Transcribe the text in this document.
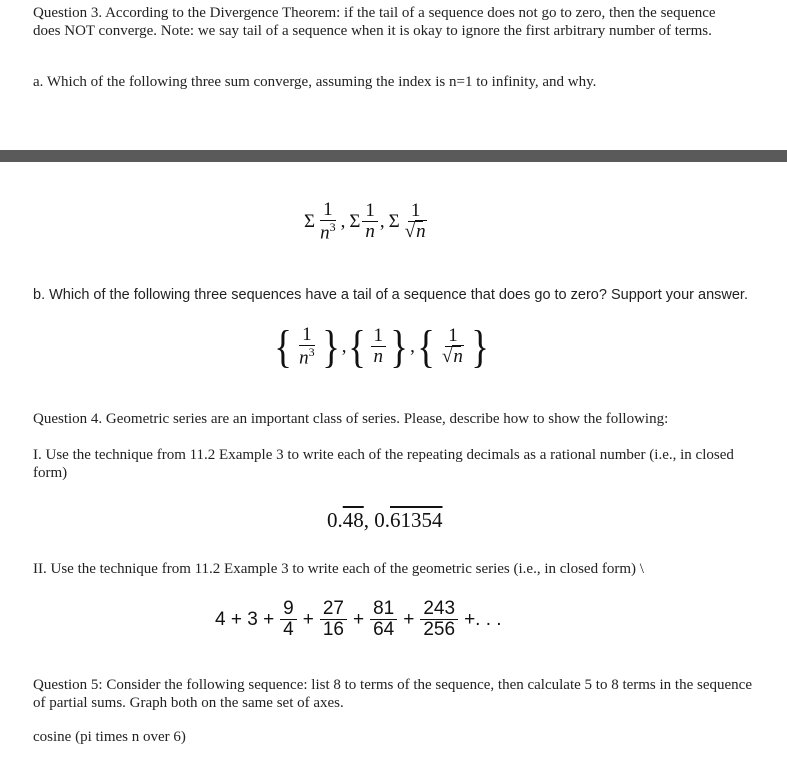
Question 3. According to the Divergence Theorem: if the tail of a sequence does not go to zero, then the sequence does NOT converge. Note: we say tail of a sequence when it is okay to ignore the first arbitrary number of terms.
a. Which of the following three sum converge, assuming the index is n=1 to infinity, and why.
Σ $\frac{1}{n^3}$ , Σ $\frac{1}{n}$ , Σ $\frac{1}{√n}$
b. Which of the following three sequences have a tail of a sequence that does go to zero? Support your answer.
{ $\frac{1}{n^3}$ } , { $\frac{1}{n}$ } , { $\frac{1}{√n}$ }
Question 4. Geometric series are an important class of series. Please, describe how to show the following:
I. Use the technique from 11.2 Example 3 to write each of the repeating decimals as a rational number (i.e., in closed form)
0.48, 0.61354
II. Use the technique from 11.2 Example 3 to write each of the geometric series (i.e., in closed form) \
$4 + 3 + \frac{9}{4} + \frac{27}{16} + \frac{81}{64} + \frac{243}{256}$ +. . .
Question 5: Consider the following sequence: list 8 to terms of the sequence, then calculate 5 to 8 terms in the sequence of partial sums. Graph both on the same set of axes.
cosine (pi times n over 6)
